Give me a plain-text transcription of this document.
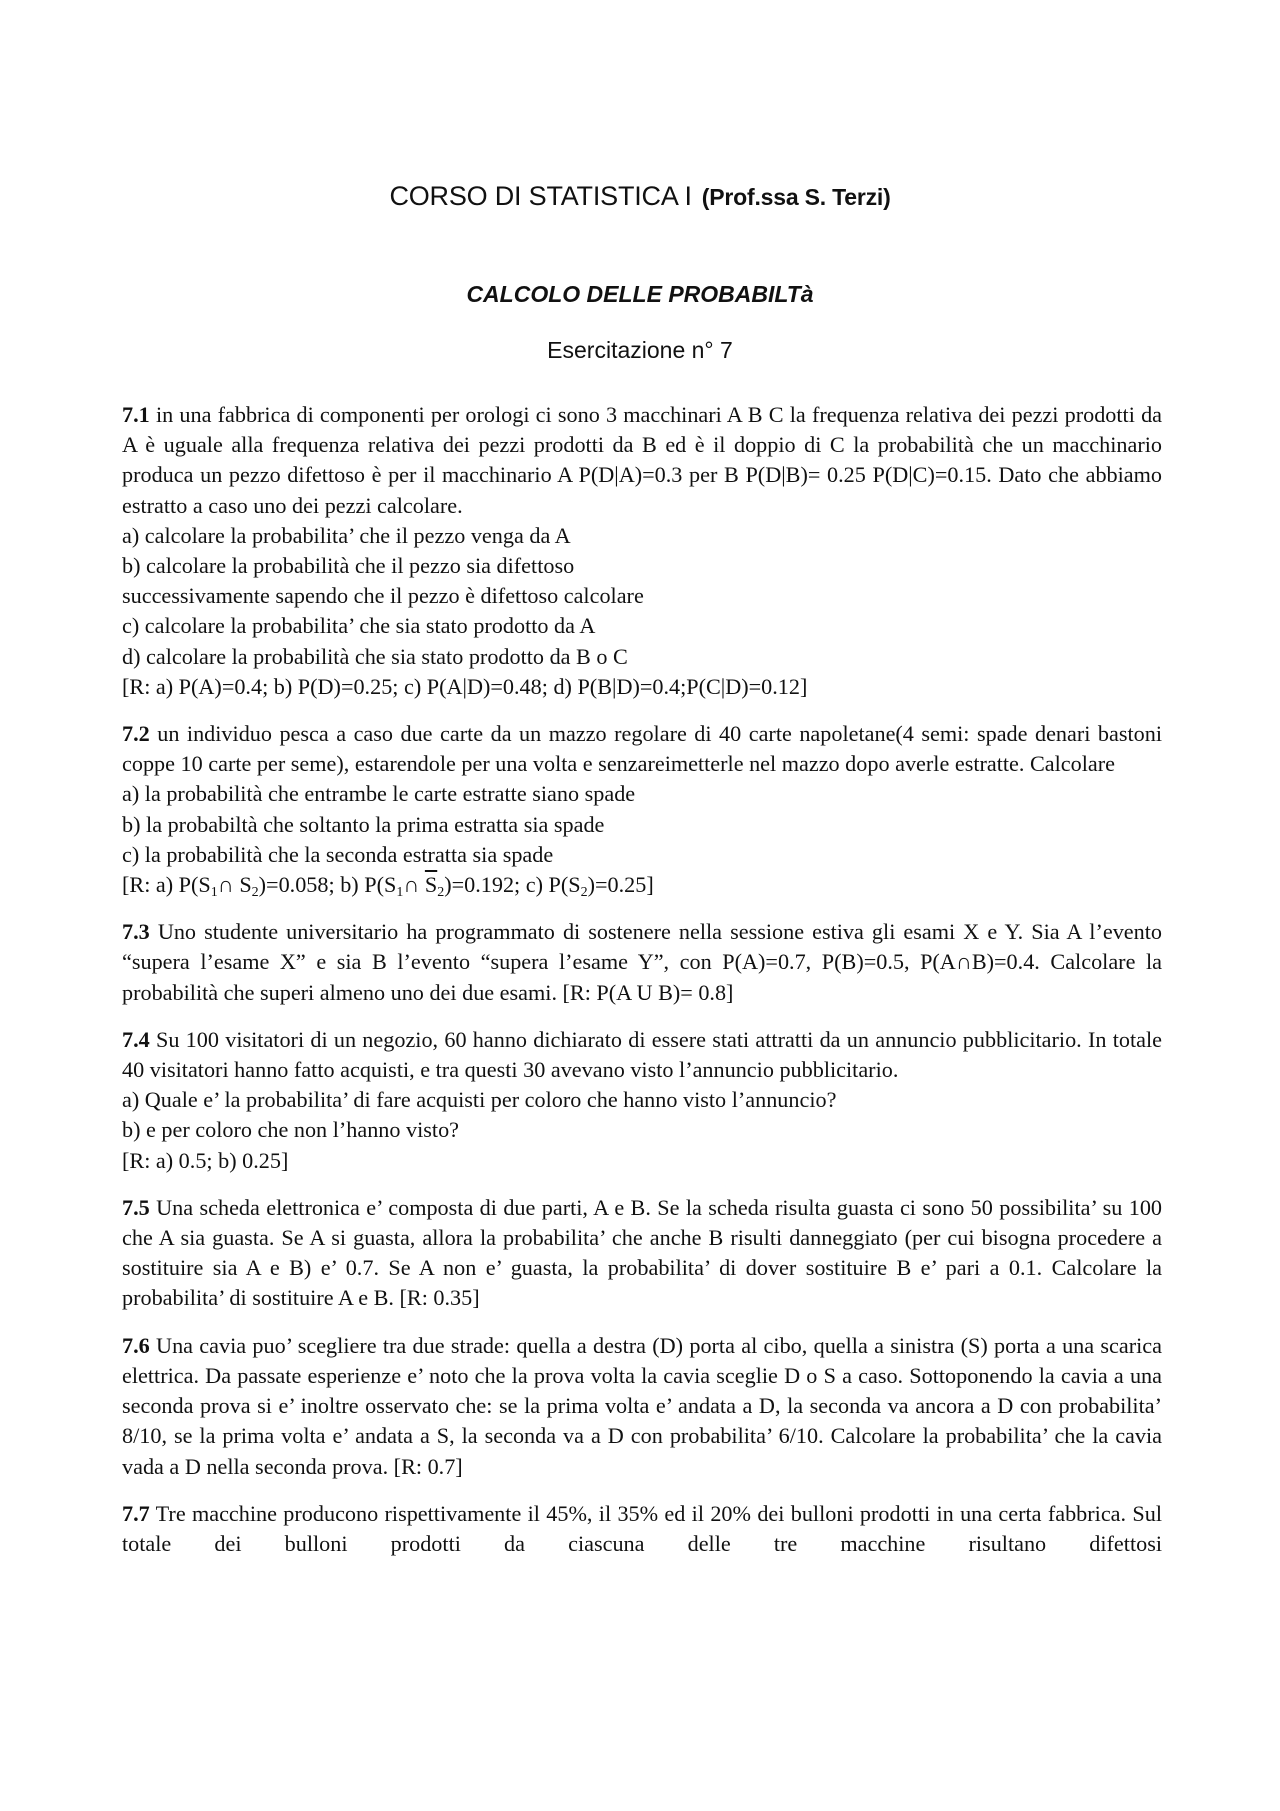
CORSO DI STATISTICA I (Prof.ssa S. Terzi)
CALCOLO DELLE PROBABILTà
Esercitazione n° 7
7.1 in una fabbrica di componenti per orologi ci sono 3 macchinari A B C la frequenza relativa dei pezzi prodotti da A è uguale alla frequenza relativa dei pezzi prodotti da B ed è il doppio di C la probabilità che un macchinario produca un pezzo difettoso è per il macchinario A P(D|A)=0.3 per B P(D|B)= 0.25 P(D|C)=0.15. Dato che abbiamo estratto a caso uno dei pezzi calcolare.
a) calcolare la probabilita’ che il pezzo venga da A
b) calcolare la probabilità che il pezzo sia difettoso
successivamente sapendo che il pezzo è difettoso calcolare
c) calcolare la probabilita’ che sia stato prodotto da A
d) calcolare la probabilità che sia stato prodotto da B o C
[R: a) P(A)=0.4; b) P(D)=0.25; c) P(A|D)=0.48; d) P(B|D)=0.4;P(C|D)=0.12]
7.2 un individuo pesca a caso due carte da un mazzo regolare di 40 carte napoletane(4 semi: spade denari bastoni coppe 10 carte per seme), estarendole per una volta e senzareimetterle nel mazzo dopo averle estratte. Calcolare
a) la probabilità che entrambe le carte estratte siano spade
b) la probabiltà che soltanto la prima estratta sia spade
c) la probabilità che la seconda estratta sia spade
[R: a) $P(S_1\cap$ $S_2)=0.058$; b) $P(S_1\cap$ $\overline{S}_2)=0.192$; c) $P(S_2)=0.25$]
7.3 Uno studente universitario ha programmato di sostenere nella sessione estiva gli esami X e Y. Sia A l’evento “supera l’esame X” e sia B l’evento “supera l’esame Y”, con P(A)=0.7, P(B)=0.5, P(A∩B)=0.4. Calcolare la probabilità che superi almeno uno dei due esami. [R: P(A U B)= 0.8]
7.4 Su 100 visitatori di un negozio, 60 hanno dichiarato di essere stati attratti da un annuncio pubblicitario. In totale 40 visitatori hanno fatto acquisti, e tra questi 30 avevano visto l’annuncio pubblicitario.
a) Quale e’ la probabilita’ di fare acquisti per coloro che hanno visto l’annuncio?
b) e per coloro che non l’hanno visto?
[R: a) 0.5; b) 0.25]
7.5 Una scheda elettronica e’ composta di due parti, A e B. Se la scheda risulta guasta ci sono 50 possibilita’ su 100 che A sia guasta. Se A si guasta, allora la probabilita’ che anche B risulti danneggiato (per cui bisogna procedere a sostituire sia A e B) e’ 0.7. Se A non e’ guasta, la probabilita’ di dover sostituire B e’ pari a 0.1. Calcolare la probabilita’ di sostituire A e B. [R: 0.35]
7.6 Una cavia puo’ scegliere tra due strade: quella a destra (D) porta al cibo, quella a sinistra (S) porta a una scarica elettrica. Da passate esperienze e’ noto che la prova volta la cavia sceglie D o S a caso. Sottoponendo la cavia a una seconda prova si e’ inoltre osservato che: se la prima volta e’ andata a D, la seconda va ancora a D con probabilita’ 8/10, se la prima volta e’ andata a S, la seconda va a D con probabilita’ 6/10. Calcolare la probabilita’ che la cavia vada a D nella seconda prova. [R: 0.7]
7.7 Tre macchine producono rispettivamente il 45%, il 35% ed il 20% dei bulloni prodotti in una certa fabbrica. Sul totale dei bulloni prodotti da ciascuna delle tre macchine risultano difettosi
